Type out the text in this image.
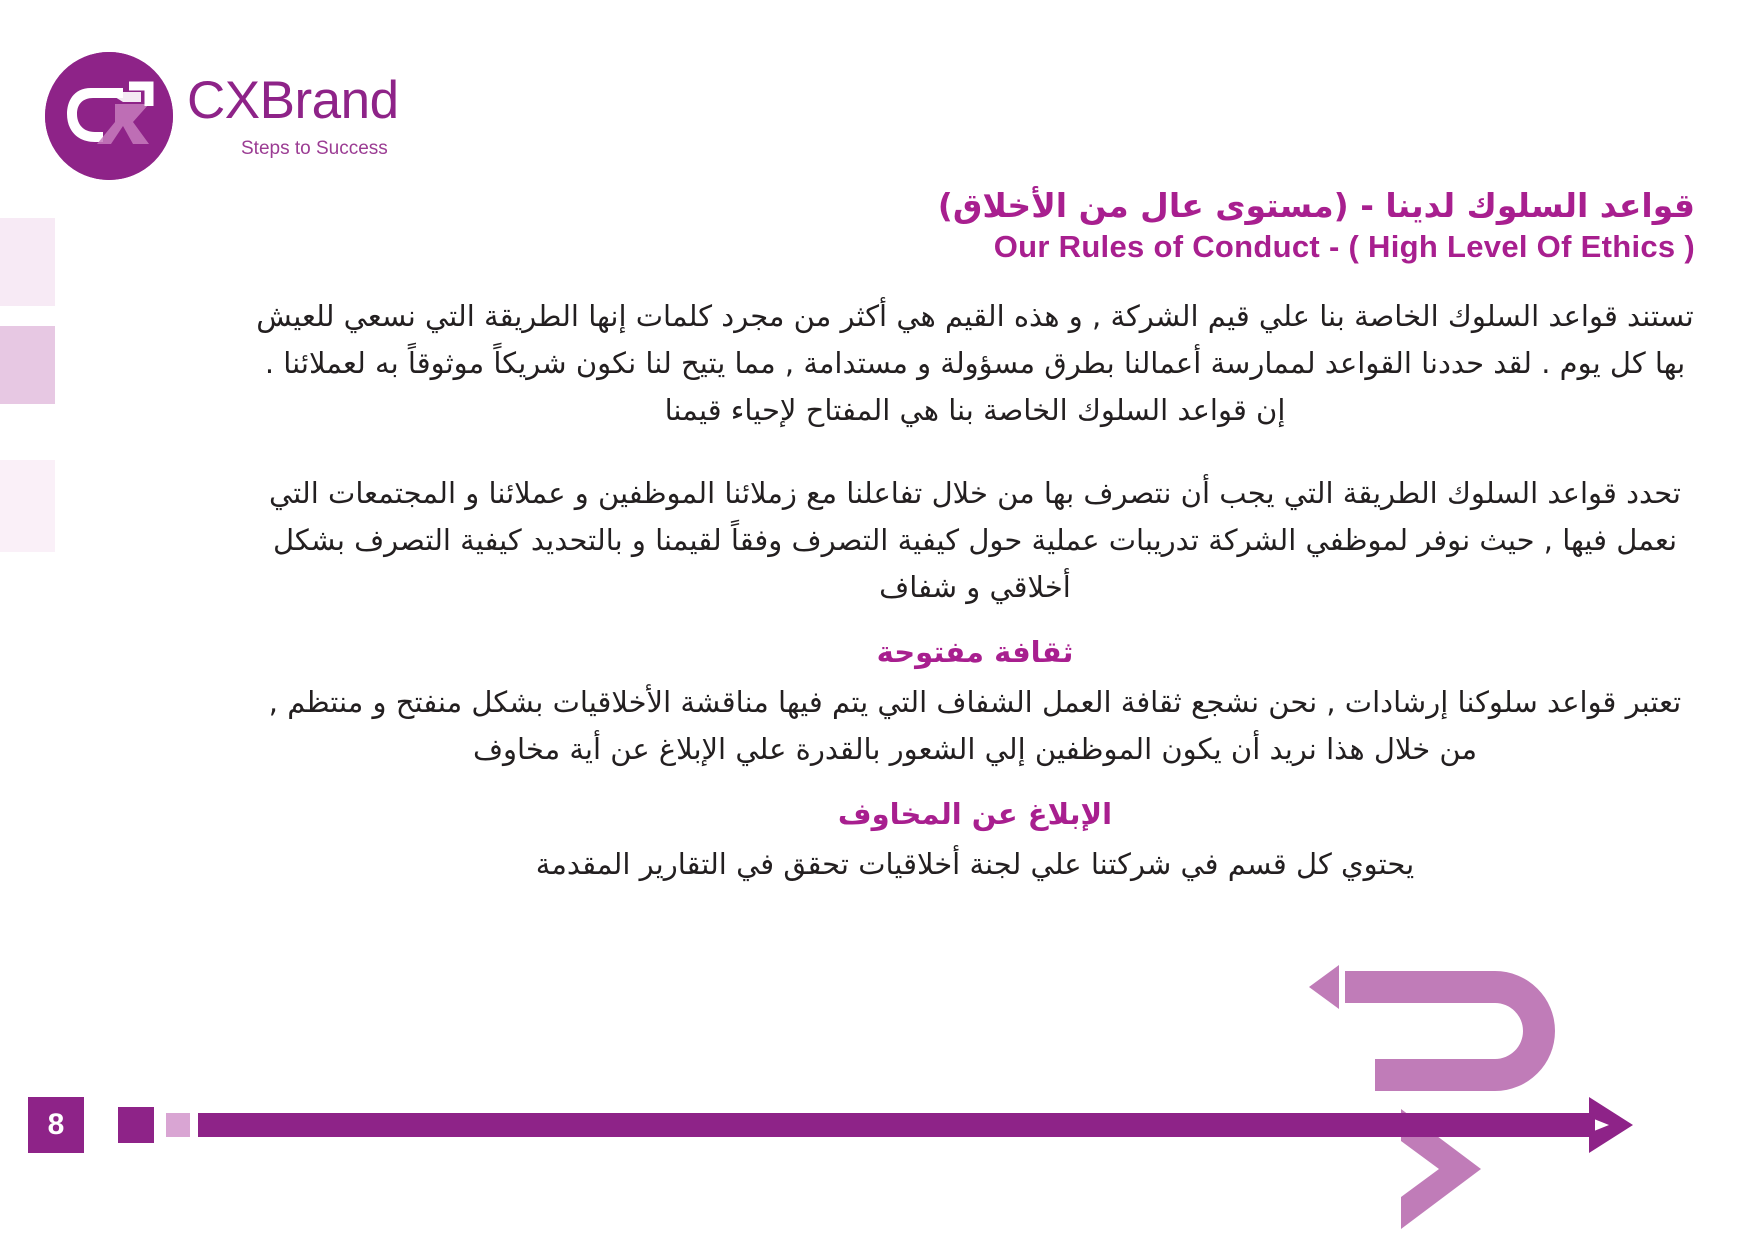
CXBrand
Steps to Success
قواعد السلوك لدينا - (مستوى عال من الأخلاق)
Our Rules of Conduct - ( High Level Of Ethics )

تستند قواعد السلوك الخاصة بنا علي قيم الشركة , و هذه القيم هي أكثر من مجرد كلمات إنها الطريقة التي نسعي للعيش بها كل يوم . لقد حددنا القواعد لممارسة أعمالنا بطرق مسؤولة و مستدامة , مما يتيح لنا نكون شريكاً موثوقاً به لعملائنا . إن قواعد السلوك الخاصة بنا هي المفتاح لإحياء قيمنا

تحدد قواعد السلوك الطريقة التي يجب أن نتصرف بها من خلال تفاعلنا مع زملائنا الموظفين و عملائنا و المجتمعات التي نعمل فيها , حيث نوفر لموظفي الشركة تدريبات عملية حول كيفية التصرف وفقاً لقيمنا و بالتحديد كيفية التصرف بشكل أخلاقي و شفاف

ثقافة مفتوحة

تعتبر قواعد سلوكنا إرشادات , نحن نشجع ثقافة العمل الشفاف التي يتم فيها مناقشة الأخلاقيات بشكل منفتح و منتظم , من خلال هذا نريد أن يكون الموظفين إلي الشعور بالقدرة علي الإبلاغ عن أية مخاوف

الإبلاغ عن المخاوف

يحتوي كل قسم في شركتنا علي لجنة أخلاقيات تحقق في التقارير المقدمة

8
